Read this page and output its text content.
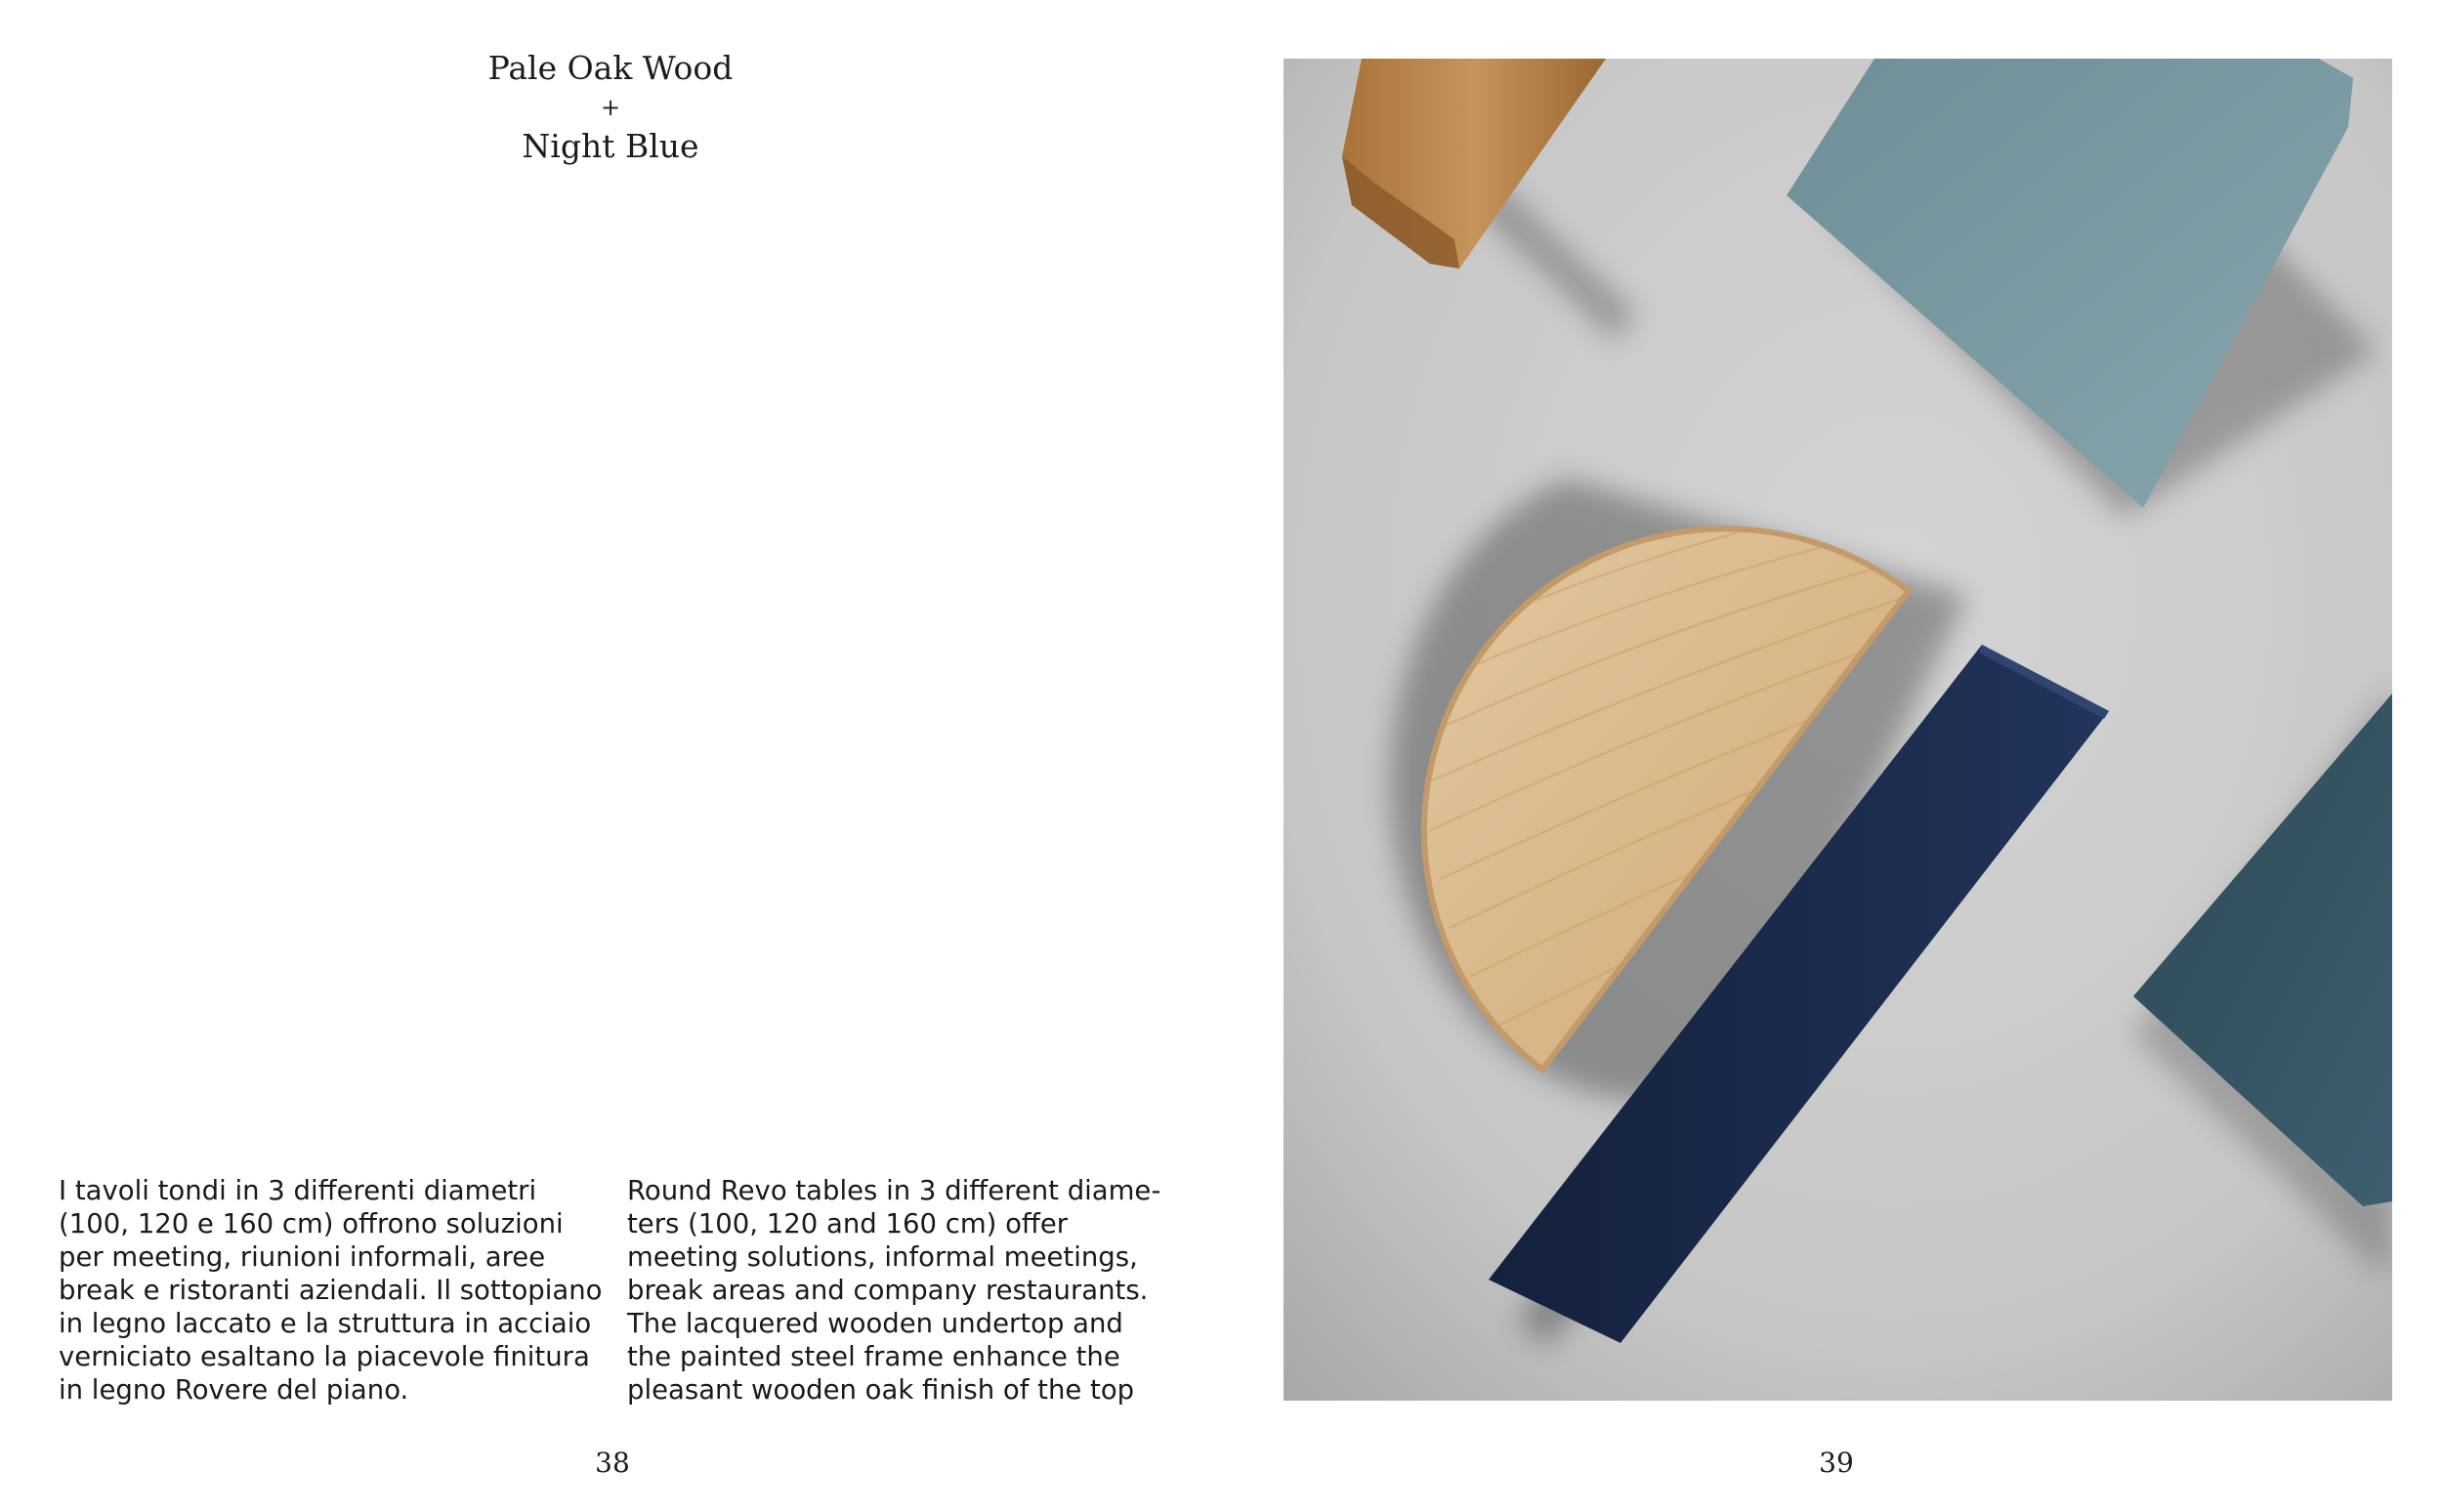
Pale Oak Wood
+
Night Blue
I tavoli tondi in 3 differenti diametri
(100, 120 e 160 cm) offrono soluzioni
per meeting, riunioni informali, aree
break e ristoranti aziendali. Il sottopiano
in legno laccato e la struttura in acciaio
verniciato esaltano la piacevole finitura
in legno Rovere del piano.
Round Revo tables in 3 different diame-
ters (100, 120 and 160 cm) offer
meeting solutions, informal meetings,
break areas and company restaurants.
The lacquered wooden undertop and
the painted steel frame enhance the
pleasant wooden oak finish of the top
38	39
